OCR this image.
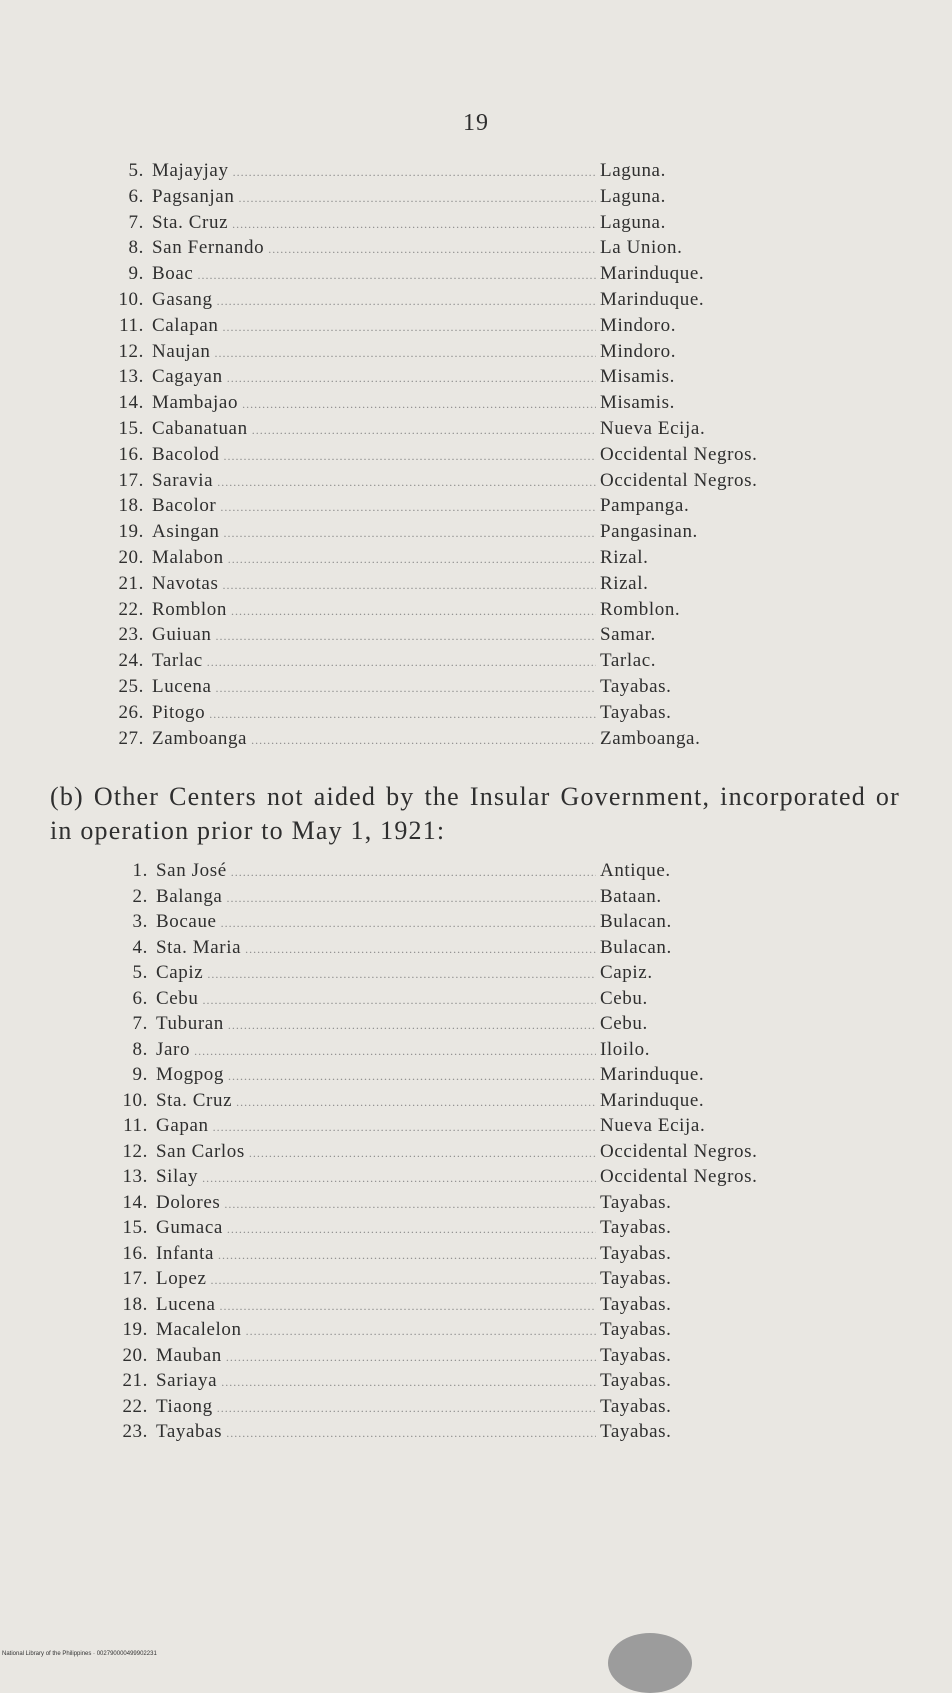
19
5. Majayjay .....	Laguna.
6. Pagsanjan .....	Laguna.
7. Sta. Cruz .....	Laguna.
8. San Fernando .....	La Union.
9. Boac .....	Marinduque.
10. Gasang .....	Marinduque.
11. Calapan .....	Mindoro.
12. Naujan .....	Mindoro.
13. Cagayan .....	Misamis.
14. Mambajao .....	Misamis.
15. Cabanatuan .....	Nueva Ecija.
16. Bacolod .....	Occidental Negros.
17. Saravia .....	Occidental Negros.
18. Bacolor .....	Pampanga.
19. Asingan .....	Pangasinan.
20. Malabon .....	Rizal.
21. Navotas .....	Rizal.
22. Romblon .....	Romblon.
23. Guiuan .....	Samar.
24. Tarlac .....	Tarlac.
25. Lucena .....	Tayabas.
26. Pitogo .....	Tayabas.
27. Zamboanga .....	Zamboanga.
(b) Other Centers not aided by the Insular Government, incorporated or in operation prior to May 1, 1921:
1. San José .....	Antique.
2. Balanga .....	Bataan.
3. Bocaue .....	Bulacan.
4. Sta. Maria .....	Bulacan.
5. Capiz .....	Capiz.
6. Cebu .....	Cebu.
7. Tuburan .....	Cebu.
8. Jaro .....	Iloilo.
9. Mogpog .....	Marinduque.
10. Sta. Cruz .....	Marinduque.
11. Gapan .....	Nueva Ecija.
12. San Carlos .....	Occidental Negros.
13. Silay .....	Occidental Negros.
14. Dolores .....	Tayabas.
15. Gumaca .....	Tayabas.
16. Infanta .....	Tayabas.
17. Lopez .....	Tayabas.
18. Lucena .....	Tayabas.
19. Macalelon .....	Tayabas.
20. Mauban .....	Tayabas.
21. Sariaya .....	Tayabas.
22. Tiaong .....	Tayabas.
23. Tayabas .....	Tayabas.
National Library of the Philippines · 002790000499902231
